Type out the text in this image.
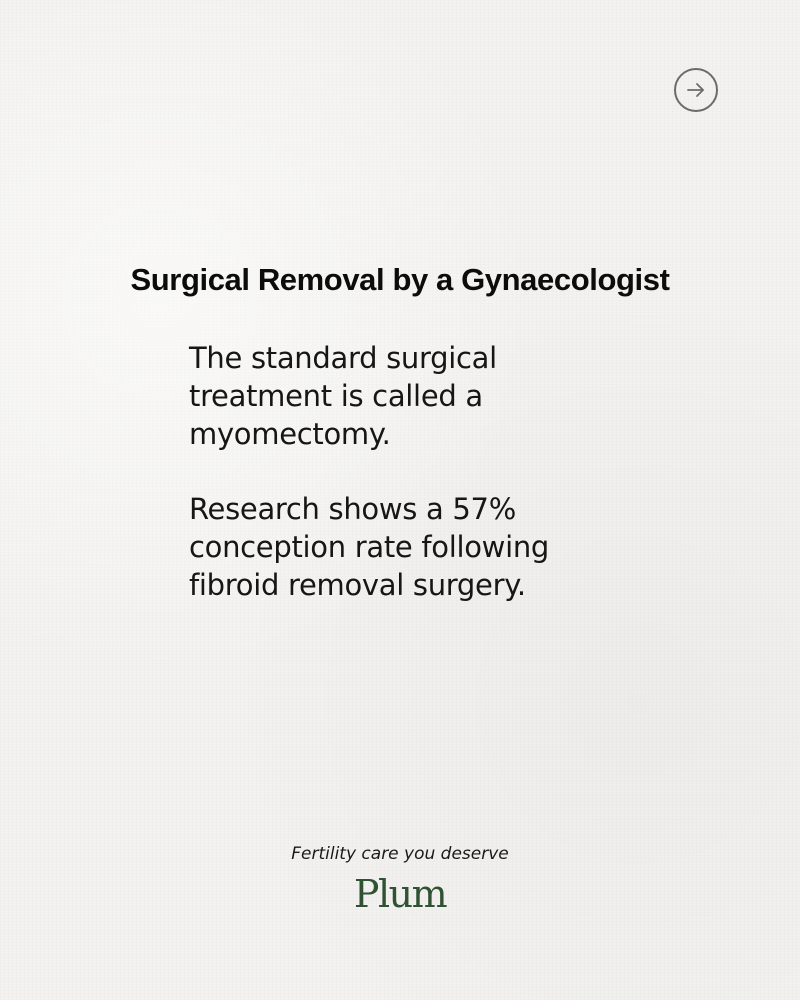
Surgical Removal by a Gynaecologist

The standard surgical treatment is called a myomectomy.

Research shows a 57% conception rate following fibroid removal surgery.

Fertility care you deserve

Plum
